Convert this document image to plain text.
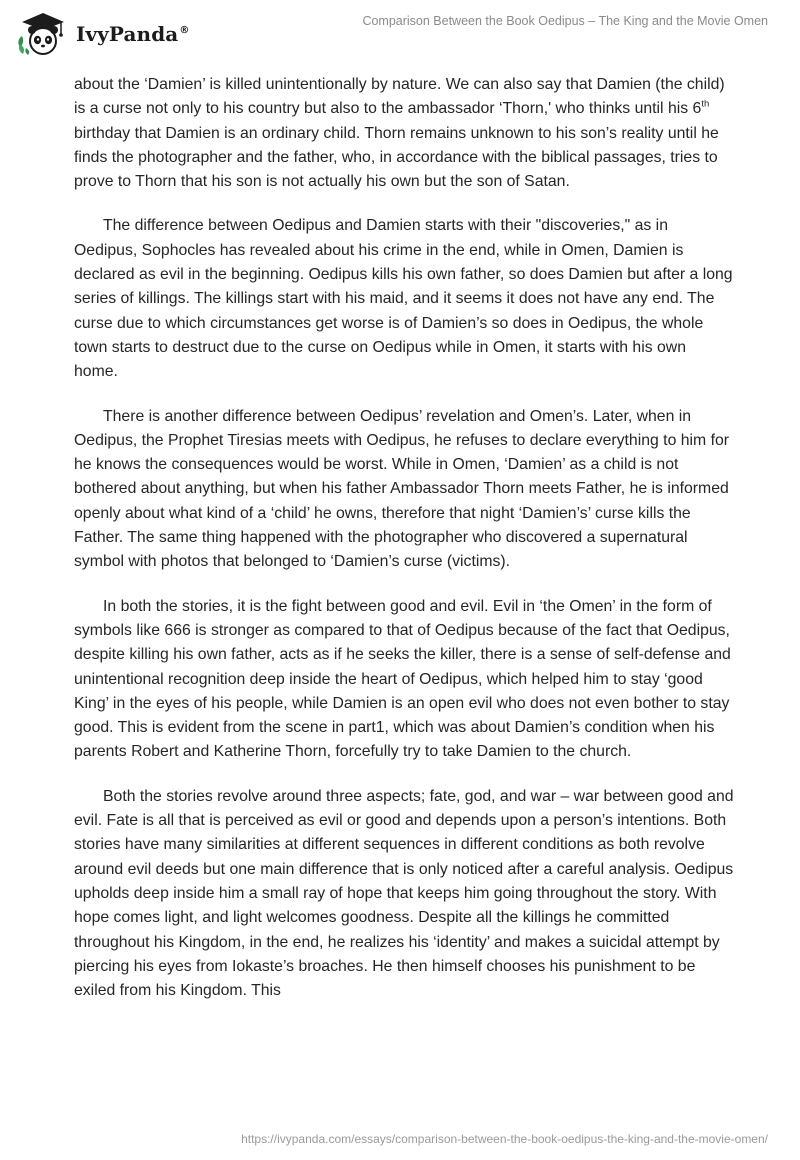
IvyPanda®
Comparison Between the Book Oedipus – The King and the Movie Omen

about the ‘Damien’ is killed unintentionally by nature. We can also say that Damien (the child) is a curse not only to his country but also to the ambassador ‘Thorn,' who thinks until his 6th birthday that Damien is an ordinary child. Thorn remains unknown to his son’s reality until he finds the photographer and the father, who, in accordance with the biblical passages, tries to prove to Thorn that his son is not actually his own but the son of Satan.

The difference between Oedipus and Damien starts with their "discoveries," as in Oedipus, Sophocles has revealed about his crime in the end, while in Omen, Damien is declared as evil in the beginning. Oedipus kills his own father, so does Damien but after a long series of killings. The killings start with his maid, and it seems it does not have any end. The curse due to which circumstances get worse is of Damien’s so does in Oedipus, the whole town starts to destruct due to the curse on Oedipus while in Omen, it starts with his own home.

There is another difference between Oedipus’ revelation and Omen’s. Later, when in Oedipus, the Prophet Tiresias meets with Oedipus, he refuses to declare everything to him for he knows the consequences would be worst. While in Omen, ‘Damien’ as a child is not bothered about anything, but when his father Ambassador Thorn meets Father, he is informed openly about what kind of a ‘child’ he owns, therefore that night ‘Damien’s’ curse kills the Father. The same thing happened with the photographer who discovered a supernatural symbol with photos that belonged to ‘Damien’s curse (victims).

In both the stories, it is the fight between good and evil. Evil in ‘the Omen’ in the form of symbols like 666 is stronger as compared to that of Oedipus because of the fact that Oedipus, despite killing his own father, acts as if he seeks the killer, there is a sense of self-defense and unintentional recognition deep inside the heart of Oedipus, which helped him to stay ‘good King’ in the eyes of his people, while Damien is an open evil who does not even bother to stay good. This is evident from the scene in part1, which was about Damien’s condition when his parents Robert and Katherine Thorn, forcefully try to take Damien to the church.

Both the stories revolve around three aspects; fate, god, and war – war between good and evil. Fate is all that is perceived as evil or good and depends upon a person’s intentions. Both stories have many similarities at different sequences in different conditions as both revolve around evil deeds but one main difference that is only noticed after a careful analysis. Oedipus upholds deep inside him a small ray of hope that keeps him going throughout the story. With hope comes light, and light welcomes goodness. Despite all the killings he committed throughout his Kingdom, in the end, he realizes his ‘identity’ and makes a suicidal attempt by piercing his eyes from Iokaste’s broaches. He then himself chooses his punishment to be exiled from his Kingdom. This

https://ivypanda.com/essays/comparison-between-the-book-oedipus-the-king-and-the-movie-omen/
